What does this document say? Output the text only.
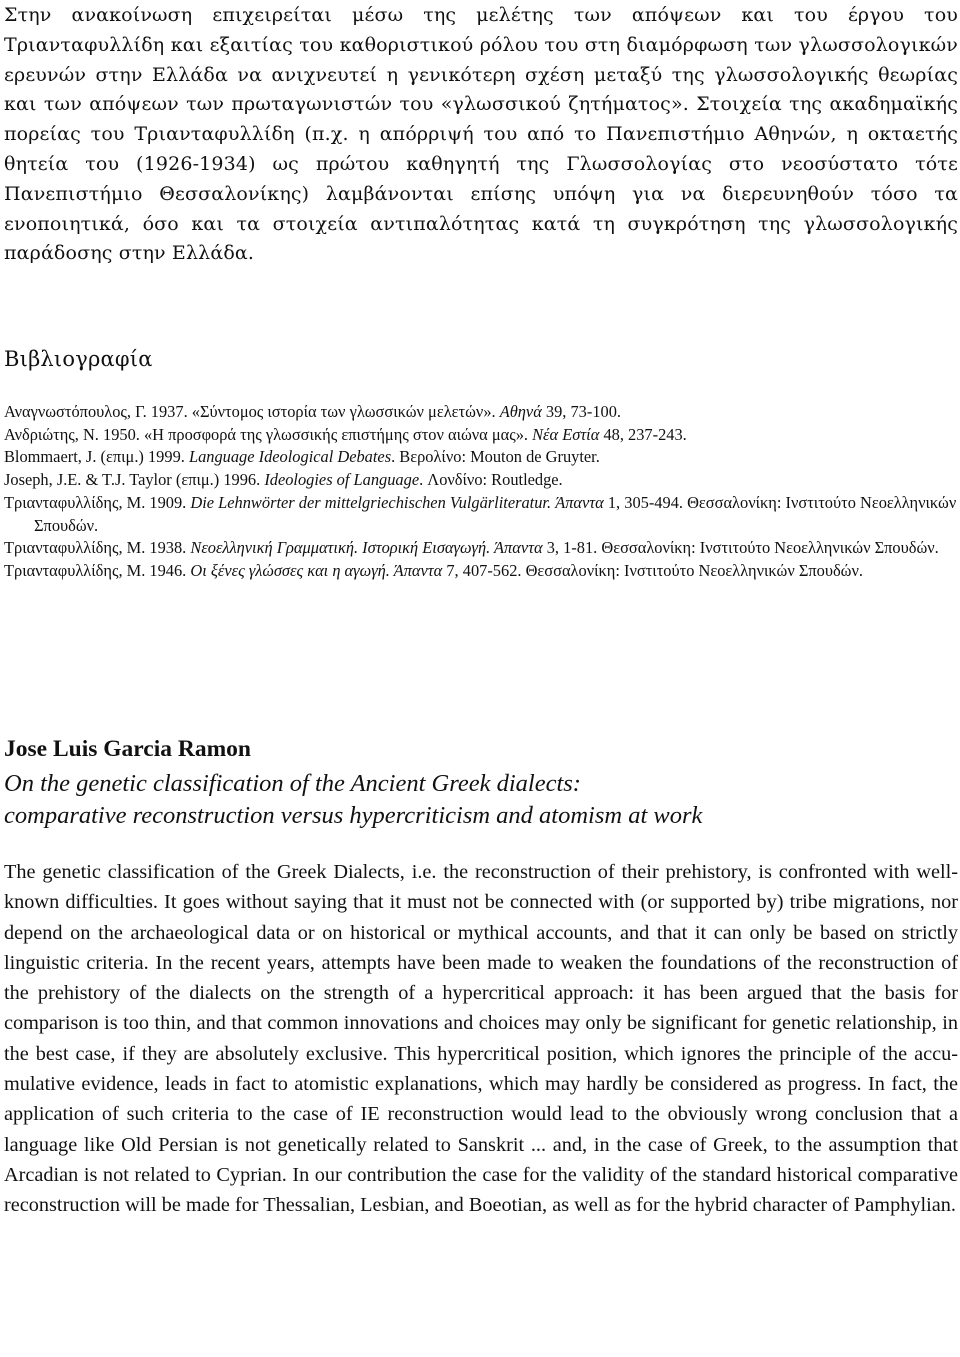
Στην ανακοίνωση επιχειρείται μέσω της μελέτης των απόψεων και του έργου του Τριανταφυλλίδη και εξαιτίας του καθοριστικού ρόλου του στη διαμόρφωση των γλωσσολογικών ερευνών στην Ελλάδα να ανιχνευτεί η γενικότερη σχέση μεταξύ της γλωσσολογικής θεωρίας και των απόψεων των πρωταγωνιστών του «γλωσσικού ζητήματος». Στοιχεία της ακαδημαϊκής πορείας του Τριανταφυλλίδη (π.χ. η απόρριψή του από το Πανεπιστήμιο Αθηνών, η οκταετής θητεία του (1926-1934) ως πρώτου καθηγητή της Γλωσσολογίας στο νεοσύστατο τότε Πανεπιστήμιο Θεσσαλονίκης) λαμβάνονται επίσης υπόψη για να διερευνηθούν τόσο τα ενοποιητικά, όσο και τα στοιχεία αντιπαλότητας κατά τη συγκρότηση της γλωσσολογικής παράδοσης στην Ελλάδα.

Βιβλιογραφία

Αναγνωστόπουλος, Γ. 1937. «Σύντομος ιστορία των γλωσσικών μελετών». Αθηνά 39, 73-100.

Ανδριώτης, Ν. 1950. «Η προσφορά της γλωσσικής επιστήμης στον αιώνα μας». Νέα Εστία 48, 237-243.

Blommaert, J. (επιμ.) 1999. Language Ideological Debates. Βερολίνο: Mouton de Gruyter.

Joseph, J.E. & T.J. Taylor (επιμ.) 1996. Ideologies of Language. Λονδίνο: Routledge.

Τριανταφυλλίδης, Μ. 1909. Die Lehnwörter der mittelgriechischen Vulgärliteratur. Άπαντα 1, 305-494. Θεσσαλονίκη: Ινστιτούτο Νεοελληνικών Σπουδών.

Τριανταφυλλίδης, Μ. 1938. Νεοελληνική Γραμματική. Ιστορική Εισαγωγή. Άπαντα 3, 1-81. Θεσσαλονίκη: Ινστιτούτο Νεοελληνικών Σπουδών.

Τριανταφυλλίδης, Μ. 1946. Οι ξένες γλώσσες και η αγωγή. Άπαντα 7, 407-562. Θεσσαλονίκη: Ινστιτούτο Νεοελληνικών Σπουδών.

Jose Luis Garcia Ramon
On the genetic classification of the Ancient Greek dialects:
comparative reconstruction versus hypercriticism and atomism at work

The genetic classification of the Greek Dialects, i.e. the reconstruction of their prehistory, is confronted with well-known difficulties. It goes without saying that it must not be connected with (or supported by) tribe migrations, nor depend on the archaeological data or on historical or mythical accounts, and that it can only be based on strictly linguistic criteria. In the recent years, attempts have been made to weaken the foundations of the reconstruction of the prehistory of the dialects on the strength of a hypercritical approach: it has been argued that the basis for comparison is too thin, and that common innovations and choices may only be significant for genetic relationship, in the best case, if they are absolutely exclusive. This hypercritical position, which ignores the principle of the accumulative evidence, leads in fact to atomistic explanations, which may hardly be considered as progress. In fact, the application of such criteria to the case of IE reconstruction would lead to the obviously wrong conclusion that a language like Old Persian is not genetically related to Sanskrit ... and, in the case of Greek, to the assumption that Arcadian is not related to Cyprian. In our contribution the case for the validity of the standard historical comparative reconstruction will be made for Thessalian, Lesbian, and Boeotian, as well as for the hybrid character of Pamphylian.
